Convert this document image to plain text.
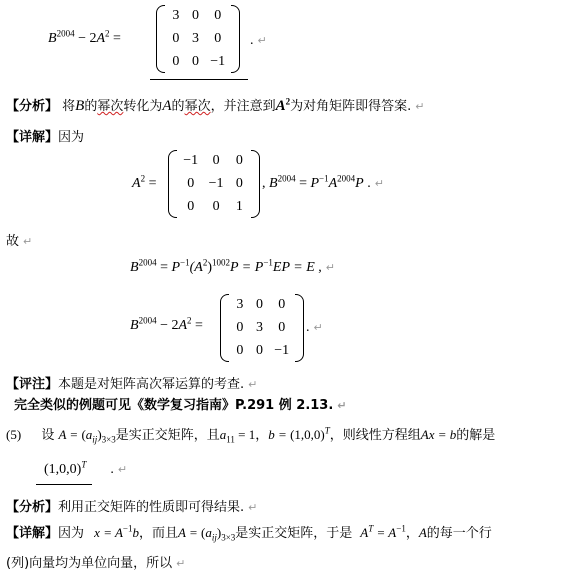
$B^{2004} - 2A^2$ =
3 0	0
0 3	0
0 0 −1
. ↵
【分析】 将B的幂次转化为A的幂次，并注意到$A^2$为对角矩阵即得答案. ↵
【详解】因为
$A^2$ =
−1	0	0
0	−1 0
0	0	1
, $B^{2004} = P^{-1}A^{2004}P$ . ↵
故 ↵
$B^{2004} = P^{-1}(A^2)^{1002}P = P^{-1}EP = E$ , ↵
$B^{2004} - 2A^2$ =
3 0	0
0 3	0
0 0 −1
. ↵
【评注】本题是对矩阵高次幂运算的考查. ↵
完全类似的例题可见《数学复习指南》P.291 例 2.13. ↵
(5) 设 $A = (a_{ij})_{3\times 3}$是实正交矩阵，且$a_{11} = 1$，$b = (1,0,0)^T$，则线性方程组Ax = b的解是
$(1,0,0)^T$ . ↵
【分析】利用正交矩阵的性质即可得结果. ↵
【详解】因为 $x = A^{-1}b$，而且$A = (a_{ij})_{3\times 3}$是实正交矩阵，于是 $A^T = A^{-1}$，A的每一个行
(列)向量均为单位向量，所以 ↵
